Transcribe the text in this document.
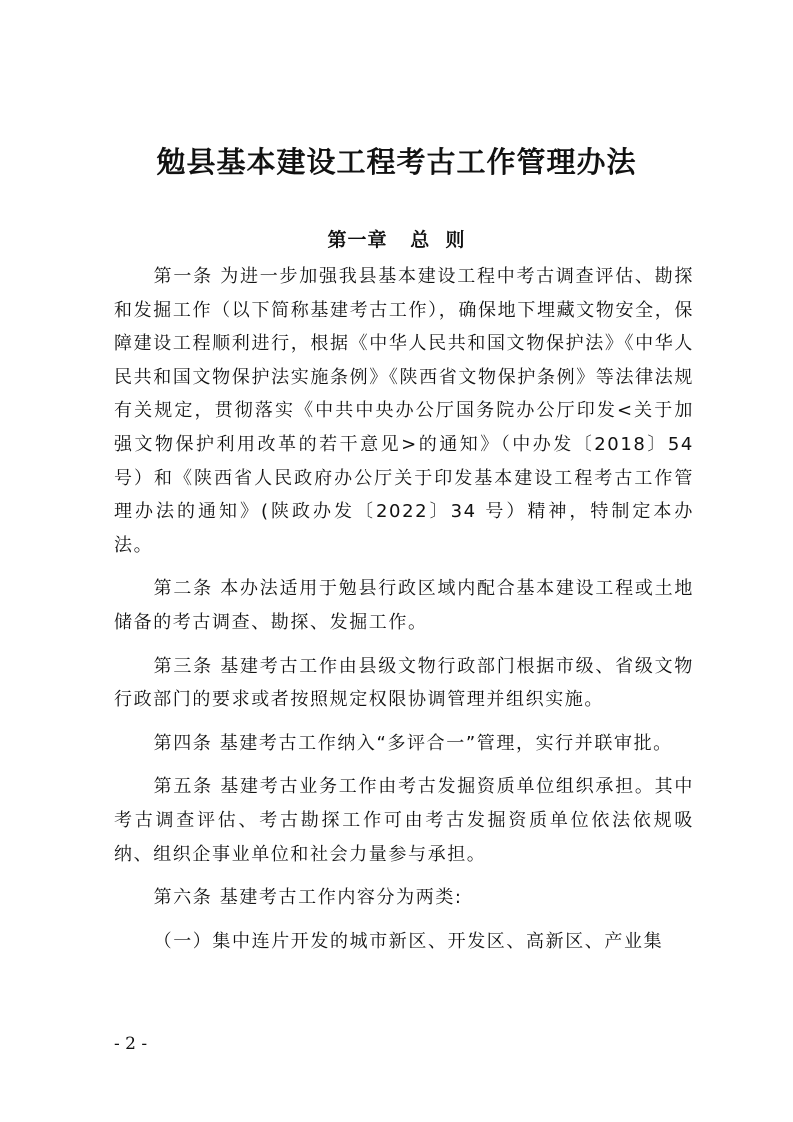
勉县基本建设工程考古工作管理办法
第一章   总  则

第一条 为进一步加强我县基本建设工程中考古调查评估、勘探和发掘工作（以下简称基建考古工作），确保地下埋藏文物安全，保障建设工程顺利进行，根据《中华人民共和国文物保护法》《中华人民共和国文物保护法实施条例》《陕西省文物保护条例》等法律法规有关规定，贯彻落实《中共中央办公厅国务院办公厅印发<关于加强文物保护利用改革的若干意见>的通知》（中办发〔2018〕54 号）和《陕西省人民政府办公厅关于印发基本建设工程考古工作管理办法的通知》(陕政办发〔2022〕34 号）精神，特制定本办法。

第二条 本办法适用于勉县行政区域内配合基本建设工程或土地储备的考古调查、勘探、发掘工作。

第三条 基建考古工作由县级文物行政部门根据市级、省级文物行政部门的要求或者按照规定权限协调管理并组织实施。

第四条 基建考古工作纳入“多评合一”管理，实行并联审批。

第五条 基建考古业务工作由考古发掘资质单位组织承担。其中考古调查评估、考古勘探工作可由考古发掘资质单位依法依规吸纳、组织企事业单位和社会力量参与承担。

第六条 基建考古工作内容分为两类:

（一）集中连片开发的城市新区、开发区、高新区、产业集

- 2 -
